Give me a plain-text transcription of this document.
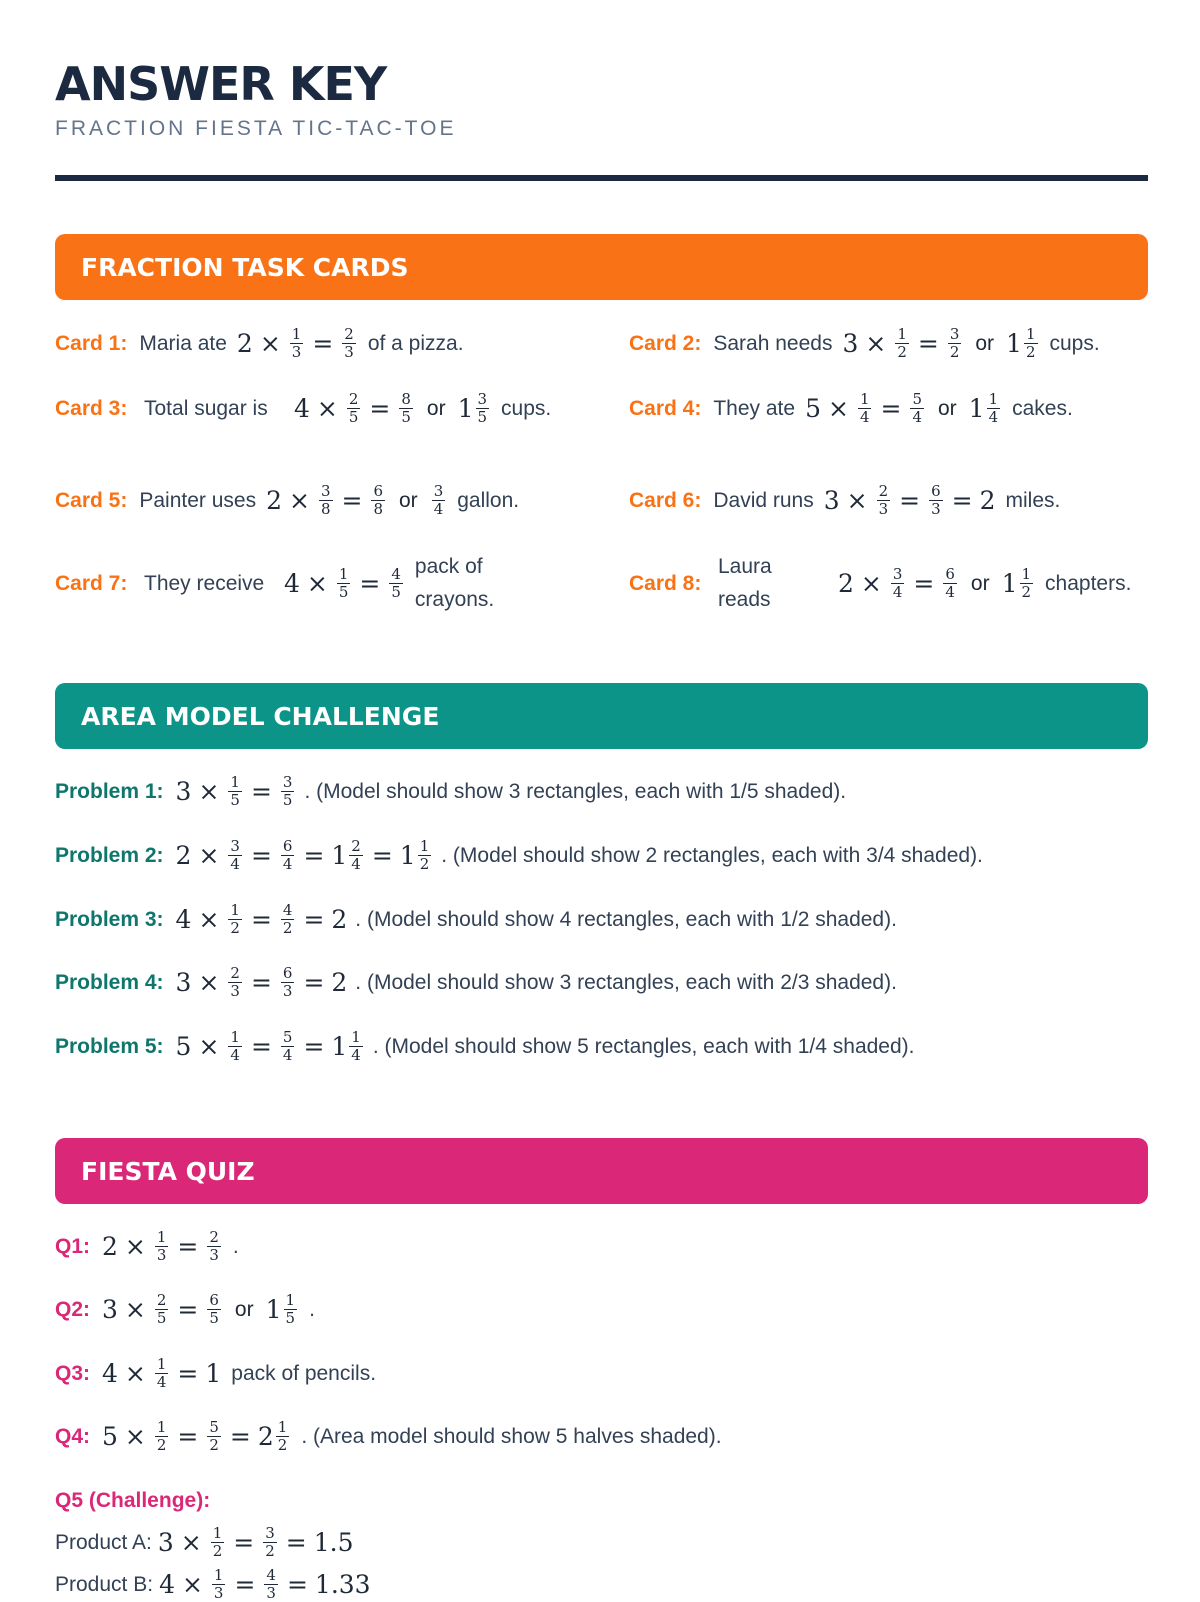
ANSWER KEY
FRACTION FIESTA TIC-TAC-TOE
FRACTION TASK CARDS
Card 1: Maria ate $2 \times \frac{1}{3} = \frac{2}{3}$ of a pizza.	Card 2: Sarah needs $3 \times \frac{1}{2} = \frac{3}{2}$ or $1 \frac{1}{2}$ cups.
Card 3: Total sugar is	$4 \times \frac{2}{5} = \frac{8}{5}$ or $1 \frac{3}{5}$ cups.	Card 4: They ate $5 \times \frac{1}{4} = \frac{5}{4}$ or $1 \frac{1}{4}$ cakes.
Card 5: Painter uses $2 \times \frac{3}{8} = \frac{6}{8}$ or $\frac{3}{4}$ gallon.	Card 6: David runs $3 \times \frac{2}{3} = \frac{6}{3} = 2$ miles.
Card 7: They receive $4 \times \frac{1}{5} = \frac{4}{5}$ pack of crayons.
Card 8:
Laura reads
$2 \times \frac{3}{4} = \frac{6}{4}$ or $1 \frac{1}{2}$ chapters.
AREA MODEL CHALLENGE
Problem 1: $3 \times \frac{1}{5} = \frac{3}{5}$ . (Model should show 3 rectangles, each with 1/5 shaded).
Problem 2: $2 \times \frac{3}{4} = \frac{6}{4} = 1 \frac{2}{4} = 1 \frac{1}{2}$ . (Model should show 2 rectangles, each with 3/4 shaded).
Problem 3: $4 \times \frac{1}{2} = \frac{4}{2} = 2$ . (Model should show 4 rectangles, each with 1/2 shaded).
Problem 4: $3 \times \frac{2}{3} = \frac{6}{3} = 2$ . (Model should show 3 rectangles, each with 2/3 shaded).
Problem 5: $5 \times \frac{1}{4} = \frac{5}{4} = 1 \frac{1}{4}$ . (Model should show 5 rectangles, each with 1/4 shaded).
FIESTA QUIZ
Q1: $2 \times \frac{1}{3} = \frac{2}{3}$ .
Q2: $3 \times \frac{2}{5} = \frac{6}{5}$ or $1 \frac{1}{5}$ .
Q3: $4 \times \frac{1}{4} = 1$ pack of pencils.
Q4: $5 \times \frac{1}{2} = \frac{5}{2} = 2 \frac{1}{2}$ . (Area model should show 5 halves shaded).
Q5 (Challenge):
Product A: $3 \times \frac{1}{2} = \frac{3}{2} = 1.5$
Product B: $4 \times \frac{1}{3} = \frac{4}{3} = 1.33$
